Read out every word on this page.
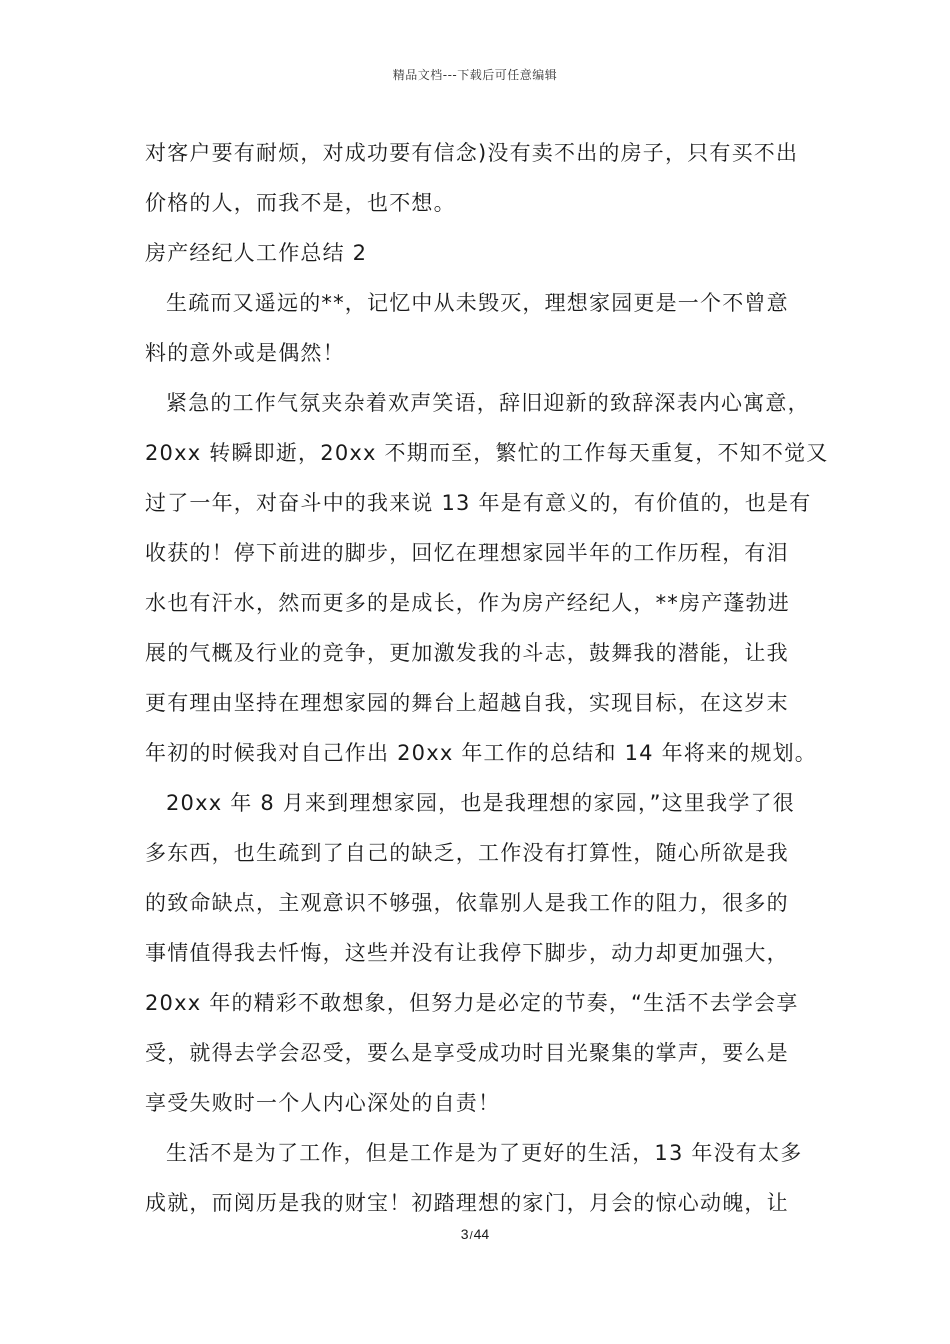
精品文档---下载后可任意编辑
对客户要有耐烦，对成功要有信念)没有卖不出的房子，只有买不出
价格的人，而我不是，也不想。
房产经纪人工作总结 2
生疏而又遥远的**，记忆中从未毁灭，理想家园更是一个不曾意
料的意外或是偶然！
紧急的工作气氛夹杂着欢声笑语，辞旧迎新的致辞深表内心寓意，
20xx 转瞬即逝，20xx 不期而至，繁忙的工作每天重复，不知不觉又
过了一年，对奋斗中的我来说 13 年是有意义的，有价值的，也是有
收获的！停下前进的脚步，回忆在理想家园半年的工作历程，有泪
水也有汗水，然而更多的是成长，作为房产经纪人，**房产蓬勃进
展的气概及行业的竞争，更加激发我的斗志，鼓舞我的潜能，让我
更有理由坚持在理想家园的舞台上超越自我，实现目标，在这岁末
年初的时候我对自己作出 20xx 年工作的总结和 14 年将来的规划。
20xx 年 8 月来到理想家园，也是我理想的家园，”这里我学了很
多东西，也生疏到了自己的缺乏，工作没有打算性，随心所欲是我
的致命缺点，主观意识不够强，依靠别人是我工作的阻力，很多的
事情值得我去忏悔，这些并没有让我停下脚步，动力却更加强大，
20xx 年的精彩不敢想象，但努力是必定的节奏，“生活不去学会享
受，就得去学会忍受，要么是享受成功时目光聚集的掌声，要么是
享受失败时一个人内心深处的自责！
生活不是为了工作，但是工作是为了更好的生活，13 年没有太多
成就，而阅历是我的财宝！初踏理想的家门，月会的惊心动魄，让
3/44
